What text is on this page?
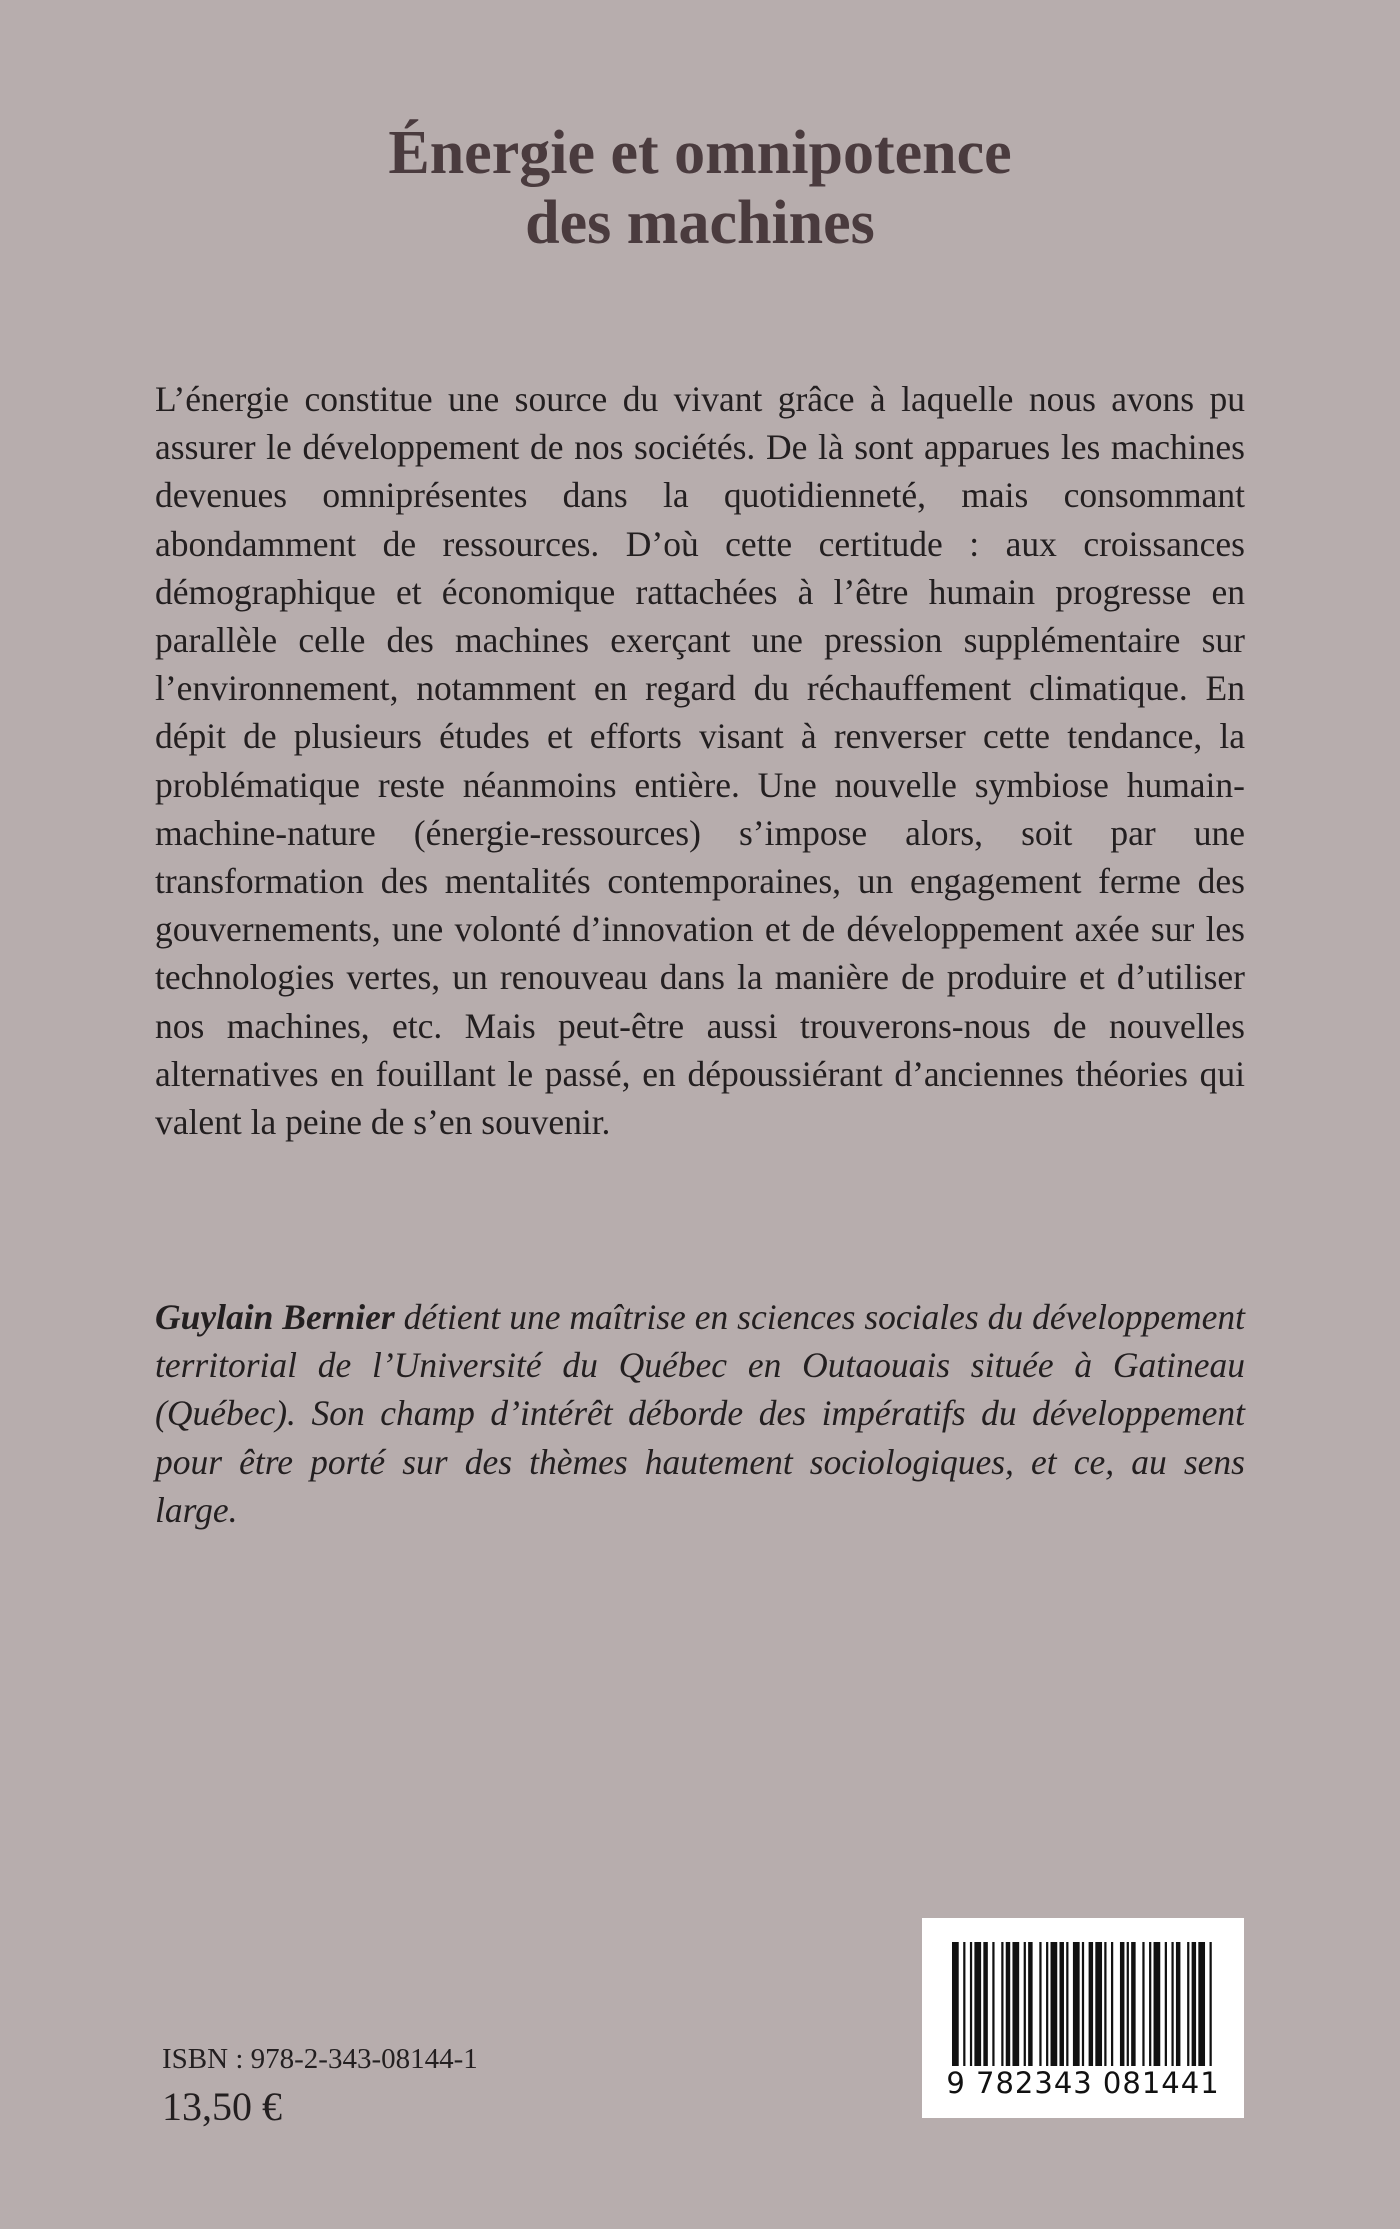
Énergie et omnipotence
des machines

L’énergie constitue une source du vivant grâce à laquelle nous avons pu assurer le développement de nos sociétés. De là sont apparues les machines devenues omniprésentes dans la quotidienneté, mais consommant abondamment de ressources. D’où cette certitude : aux croissances démographique et économique rattachées à l’être humain progresse en parallèle celle des machines exerçant une pression supplémentaire sur l’environnement, notamment en regard du réchauffement climatique. En dépit de plusieurs études et efforts visant à renverser cette tendance, la problématique reste néanmoins entière. Une nouvelle symbiose humain-machine-nature (énergie-ressources) s’impose alors, soit par une transformation des mentalités contemporaines, un engagement ferme des gouvernements, une volonté d’innovation et de développement axée sur les technologies vertes, un renouveau dans la manière de produire et d’utiliser nos machines, etc. Mais peut-être aussi trouverons-nous de nouvelles alternatives en fouillant le passé, en dépoussiérant d’anciennes théories qui valent la peine de s’en souvenir.

Guylain Bernier détient une maîtrise en sciences sociales du développement territorial de l’Université du Québec en Outaouais située à Gatineau (Québec). Son champ d’intérêt déborde des impératifs du développement pour être porté sur des thèmes hautement sociologiques, et ce, au sens large.

ISBN : 978-2-343-08144-1
13,50 €
9 782343 081441
